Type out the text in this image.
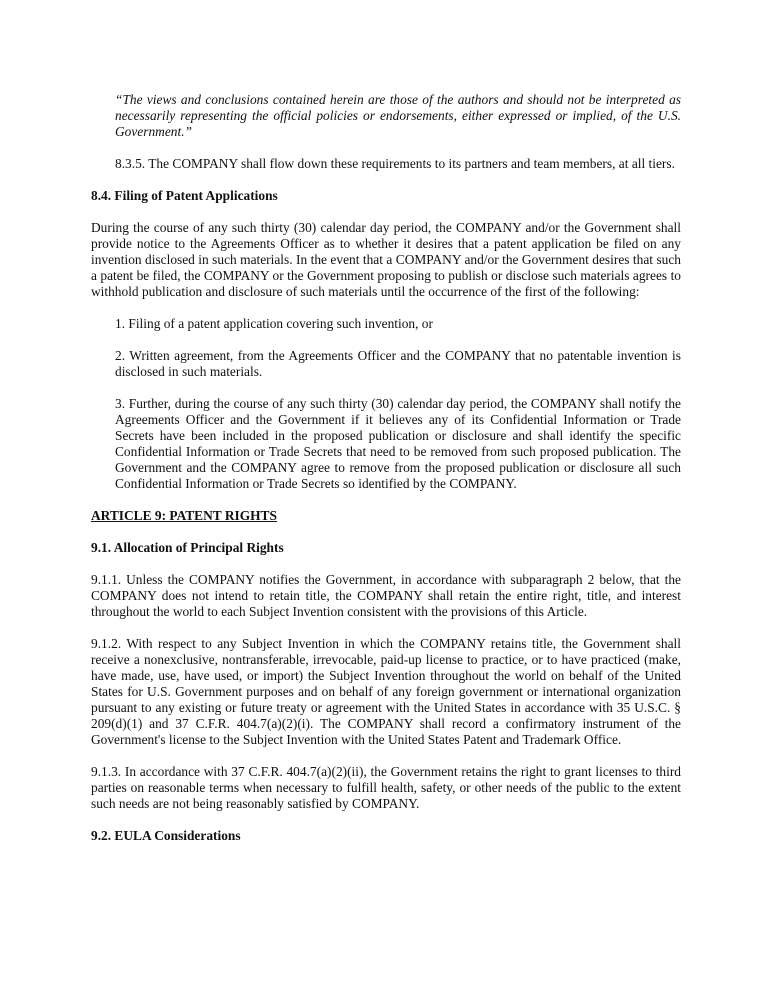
“The views and conclusions contained herein are those of the authors and should not be interpreted as necessarily representing the official policies or endorsements, either expressed or implied, of the U.S. Government.”

8.3.5. The COMPANY shall flow down these requirements to its partners and team members, at all tiers.

8.4. Filing of Patent Applications

During the course of any such thirty (30) calendar day period, the COMPANY and/or the Government shall provide notice to the Agreements Officer as to whether it desires that a patent application be filed on any invention disclosed in such materials. In the event that a COMPANY and/or the Government desires that such a patent be filed, the COMPANY or the Government proposing to publish or disclose such materials agrees to withhold publication and disclosure of such materials until the occurrence of the first of the following:

1. Filing of a patent application covering such invention, or

2. Written agreement, from the Agreements Officer and the COMPANY that no patentable invention is disclosed in such materials.

3. Further, during the course of any such thirty (30) calendar day period, the COMPANY shall notify the Agreements Officer and the Government if it believes any of its Confidential Information or Trade Secrets have been included in the proposed publication or disclosure and shall identify the specific Confidential Information or Trade Secrets that need to be removed from such proposed publication. The Government and the COMPANY agree to remove from the proposed publication or disclosure all such Confidential Information or Trade Secrets so identified by the COMPANY.

ARTICLE 9: PATENT RIGHTS

9.1. Allocation of Principal Rights

9.1.1. Unless the COMPANY notifies the Government, in accordance with subparagraph 2 below, that the COMPANY does not intend to retain title, the COMPANY shall retain the entire right, title, and interest throughout the world to each Subject Invention consistent with the provisions of this Article.

9.1.2. With respect to any Subject Invention in which the COMPANY retains title, the Government shall receive a nonexclusive, nontransferable, irrevocable, paid-up license to practice, or to have practiced (make, have made, use, have used, or import) the Subject Invention throughout the world on behalf of the United States for U.S. Government purposes and on behalf of any foreign government or international organization pursuant to any existing or future treaty or agreement with the United States in accordance with 35 U.S.C. § 209(d)(1) and 37 C.F.R. 404.7(a)(2)(i). The COMPANY shall record a confirmatory instrument of the Government's license to the Subject Invention with the United States Patent and Trademark Office.

9.1.3. In accordance with 37 C.F.R. 404.7(a)(2)(ii), the Government retains the right to grant licenses to third parties on reasonable terms when necessary to fulfill health, safety, or other needs of the public to the extent such needs are not being reasonably satisfied by COMPANY.

9.2. EULA Considerations
